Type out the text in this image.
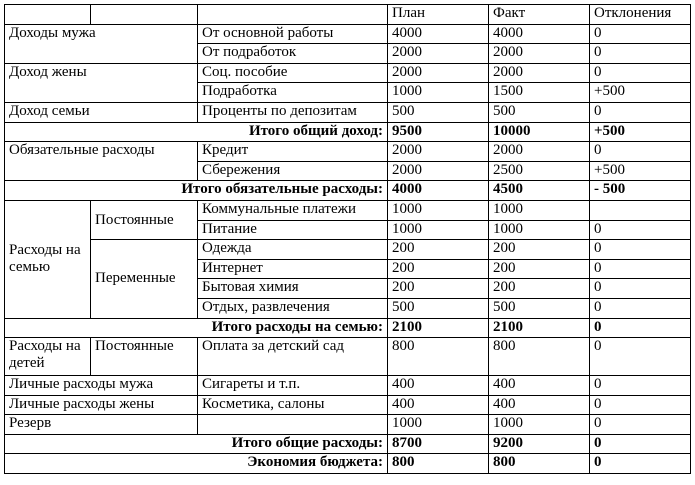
			План	Факт	Отклонения
Доходы мужа		От основной работы	4000	4000	0
		От подработок	2000	2000	0
Доход жены		Соц. пособие	2000	2000	0
		Подработка	1000	1500	+500
Доход семьи		Проценты по депозитам	500	500	0
Итого общий доход:			9500	10000	+500
Обязательные расходы		Кредит	2000	2000	0
		Сбережения	2000	2500	+500
Итого обязательные расходы:			4000	4500	- 500
Расходы на семью	Постоянные	Коммунальные платежи	1000	1000	
		Питание	1000	1000	0
	Переменные	Одежда	200	200	0
		Интернет	200	200	0
		Бытовая химия	200	200	0
		Отдых, развлечения	500	500	0
Итого расходы на семью:			2100	2100	0
Расходы на детей	Постоянные	Оплата за детский сад	800	800	0
Личные расходы мужа		Сигареты и т.п.	400	400	0
Личные расходы жены		Косметика, салоны	400	400	0
Резерв			1000	1000	0
Итого общие расходы:			8700	9200	0
Экономия бюджета:			800	800	0
